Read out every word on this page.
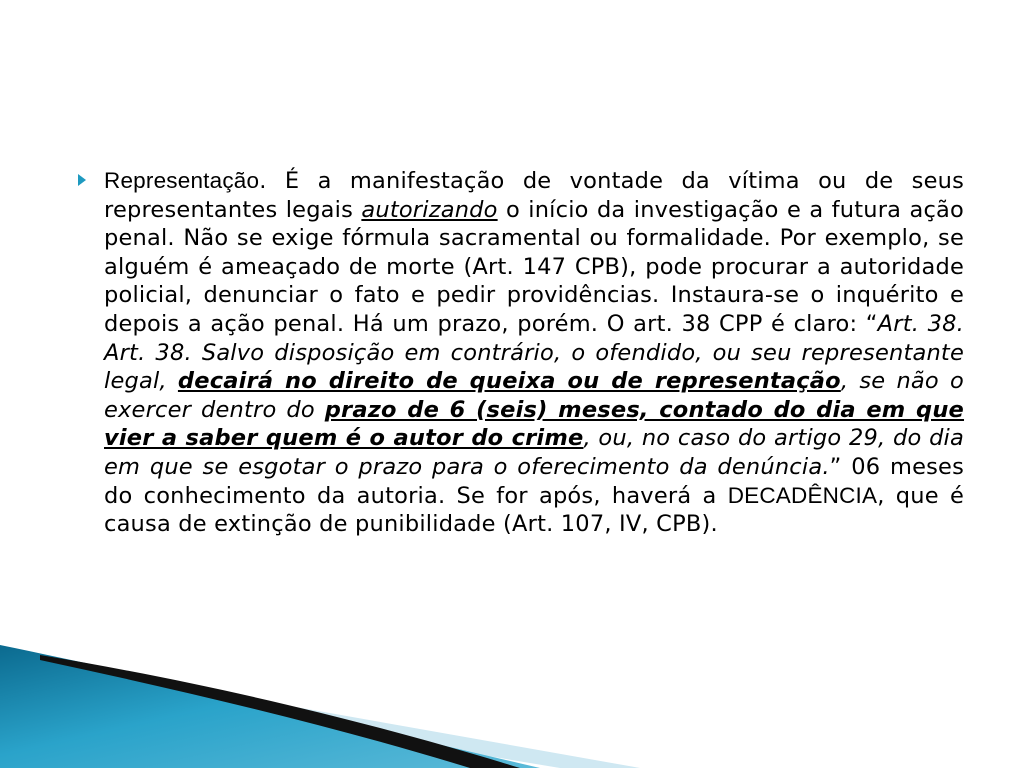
Representação. É a manifestação de vontade da vítima ou de seus representantes legais autorizando o início da investigação e a futura ação penal. Não se exige fórmula sacramental ou formalidade. Por exemplo, se alguém é ameaçado de morte (Art. 147 CPB), pode procurar a autoridade policial, denunciar o fato e pedir providências. Instaura-se o inquérito e depois a ação penal. Há um prazo, porém. O art. 38 CPP é claro: “Art. 38. Art. 38. Salvo disposição em contrário, o ofendido, ou seu representante legal, decairá no direito de queixa ou de representação, se não o exercer dentro do prazo de 6 (seis) meses, contado do dia em que vier a saber quem é o autor do crime, ou, no caso do artigo 29, do dia em que se esgotar o prazo para o oferecimento da denúncia.” 06 meses do conhecimento da autoria. Se for após, haverá a DECADÊNCIA, que é causa de extinção de punibilidade (Art. 107, IV, CPB).
